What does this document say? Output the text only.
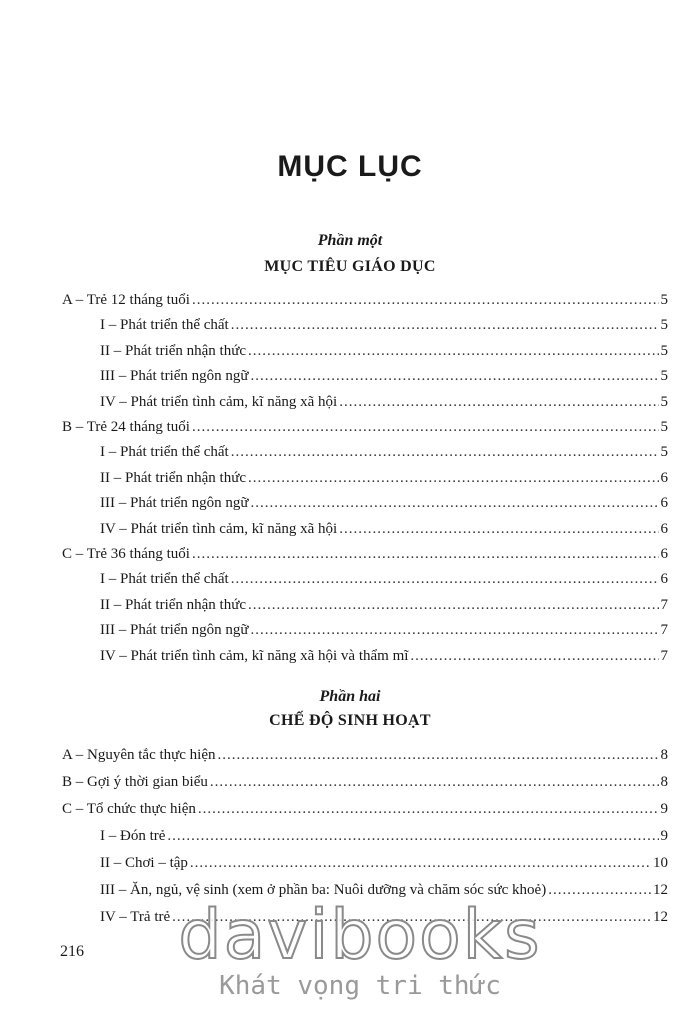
MỤC LỤC
Phần một
MỤC TIÊU GIÁO DỤC
A – Trẻ 12 tháng tuổi .....	5
I – Phát triển thể chất .....	5
II – Phát triển nhận thức .....	5
III – Phát triển ngôn ngữ .....	5
IV – Phát triển tình cảm, kĩ năng xã hội .....	5
B – Trẻ 24 tháng tuổi .....	5
I – Phát triển thể chất .....	5
II – Phát triển nhận thức .....	6
III – Phát triển ngôn ngữ .....	6
IV – Phát triển tình cảm, kĩ năng xã hội .....	6
C – Trẻ 36 tháng tuổi .....	6
I – Phát triển thể chất .....	6
II – Phát triển nhận thức .....	7
III – Phát triển ngôn ngữ .....	7
IV – Phát triển tình cảm, kĩ năng xã hội và thẩm mĩ .....	7
Phần hai
CHẾ ĐỘ SINH HOẠT
A – Nguyên tắc thực hiện .....	8
B – Gợi ý thời gian biểu .....	8
C – Tổ chức thực hiện .....	9
I – Đón trẻ .....	9
II – Chơi – tập .....	10
III – Ăn, ngủ, vệ sinh (xem ở phần ba: Nuôi dưỡng và chăm sóc sức khoẻ) .....	12
IV – Trả trẻ .....	12
216	davibooks
Khát vọng tri thức
